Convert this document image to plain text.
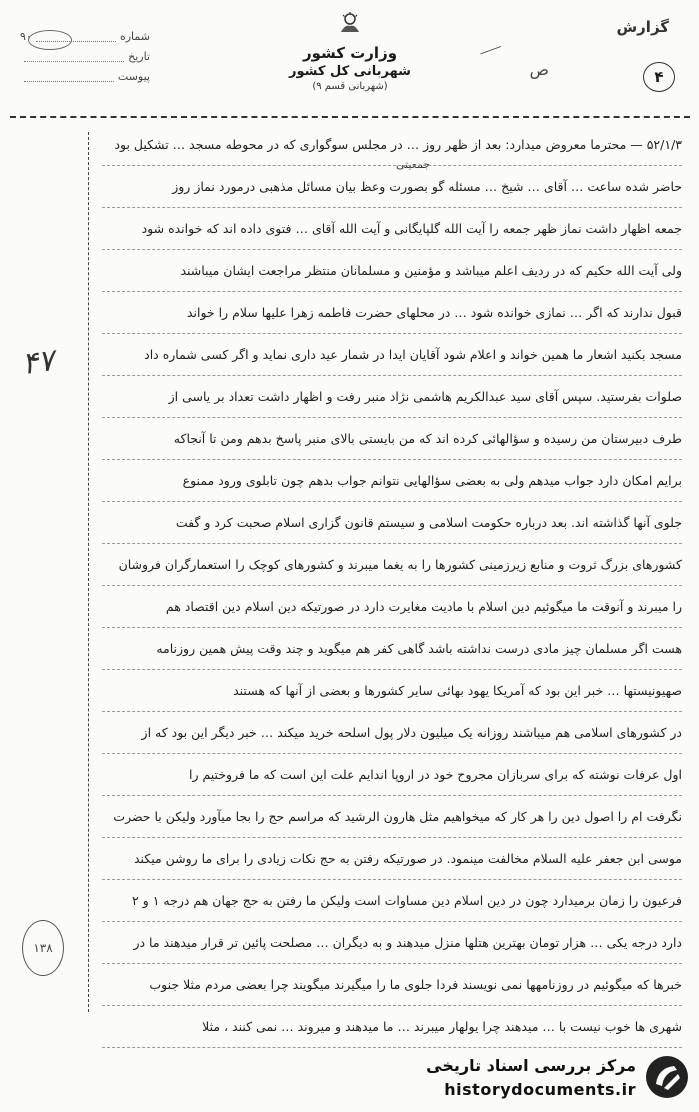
شماره
۹۰
تاریخ
پیوست
وزارت کشور
شهربانی کل کشور
(شهربانی قسم ۹)
گزارش
ص	۴
۴۷
۱۳۸
جمعیتی
۵۲/۱/۳ — محترما معروض میدارد: بعد از ظهر روز … در مجلس سوگواری که در محوطه مسجد … تشکیل بود
حاضر شده ساعت … آقای … شیخ … مسئله گو بصورت وعظ بیان مسائل مذهبی درمورد نماز روز
جمعه اظهار داشت نماز ظهر جمعه را آیت الله گلپایگانی و آیت الله آقای … فتوی داده اند که خوانده شود
ولی آیت الله حکیم که در ردیف اعلم میباشد و مؤمنین و مسلمانان منتظر مراجعت ایشان میباشند
قبول ندارند که اگر … نمازی خوانده شود … در محلهای حضرت فاطمه زهرا علیها سلام را خواند
مسجد بکنید اشعار ما همین خواند و اعلام شود آقایان ایدا در شمار عید داری نماید و اگر کسی شماره داد
صلوات بفرستید. سپس آقای سید عبدالکریم هاشمی نژاد منبر رفت و اظهار داشت تعداد بر یاسی از
طرف دبیرستان من رسیده و سؤالهائی کرده اند که من بایستی بالای منبر پاسخ بدهم ومن تا آنجاکه
برایم امکان دارد جواب میدهم ولی به بعضی سؤالهایی نتوانم جواب بدهم چون تابلوی ورود ممنوع
جلوی آنها گذاشته اند. بعد درباره حکومت اسلامی و سیستم قانون گزاری اسلام صحبت کرد و گفت
کشورهای بزرگ ثروت و منابع زیرزمینی کشورها را به یغما میبرند و کشورهای کوچک را استعمارگران فروشان
را میبرند و آنوقت ما میگوئیم دین اسلام با مادیت مغایرت دارد در صورتیکه دین اسلام دین اقتصاد هم
هست اگر مسلمان چیز مادی درست نداشته باشد گاهی کفر هم میگوید و چند وقت پیش همین روزنامه
صهیونیستها … خبر این بود که آمریکا یهود بهائی سایر کشورها و بعضی از آنها که هستند
در کشورهای اسلامی هم میباشند روزانه یک میلیون دلار پول اسلحه خرید میکند … خبر دیگر این بود که از
اول عرفات نوشته که برای سربازان مجروح خود در اروپا اندایم علت این است که ما فروختیم را
نگرفت ام را اصول دین را هر کار که میخواهیم مثل هارون الرشید که مراسم حج را بجا میآورد ولیکن با حضرت
موسی ابن جعفر علیه السلام مخالفت مینمود. در صورتیکه رفتن به حج نکات زیادی را برای ما روشن میکند
فرعیون را زمان برمیدارد چون در دین اسلام دین مساوات است ولیکن ما رفتن به حج جهان هم درجه ۱ و ۲
دارد درجه یکی … هزار تومان بهترین هتلها منزل میدهند و به دیگران … مصلحت پائین تر قرار میدهند ما در
خبرها که میگوئیم در روزنامهها نمی نویسند فردا جلوی ما را میگیرند میگویند چرا بعضی مردم مثلا جنوب
شهری ها خوب نیست با … میدهند چرا یولهار میبرند … ما میدهند و میروند … نمی کنند ، مثلا
مرکز بررسی اسناد تاریخی
historydocuments.ir
